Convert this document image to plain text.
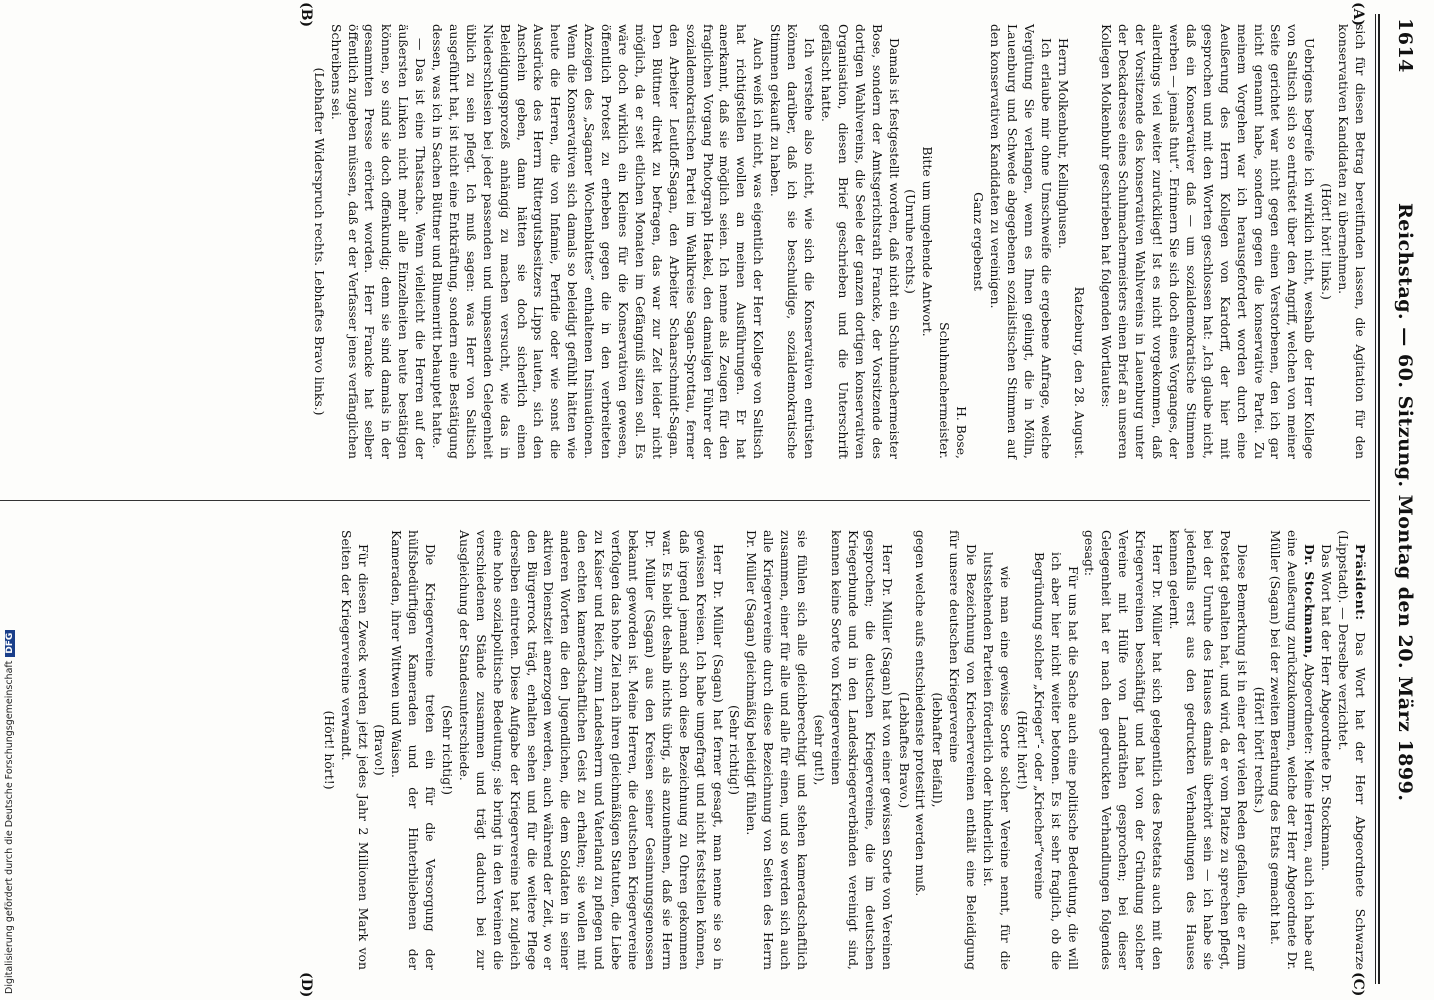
1614
Reichstag. — 60. Sitzung. Montag den 20. März 1899.
(A)
(B)
(C)
(D)

sich für diesen Betrag bereitfinden lassen, die Agitation für den konservativen Kandidaten zu übernehmen.

(Hört! hört! links.)

Uebrigens begreife ich wirklich nicht, weshalb der Herr Kollege von Saltisch sich so entrüstet über den Angriff, welchen von meiner Seite gerichtet war nicht gegen einen Verstorbenen, den ich gar nicht genannt habe, sondern gegen die konservative Partei. Zu meinem Vorgehen war ich herausgefordert worden durch eine Aeußerung des Herrn Kollegen von Kardorff, der hier mit gesprochen und mit den Worten geschlossen hat: „Ich glaube nicht, daß ein Konservativer daß — um sozialdemokratische Stimmen werben — jemals thut“. Erinnern Sie sich doch eines Vorganges, der allerdings viel weiter zurückliegt! Ist es nicht vorgekommen, daß der Vorsitzende des konservativen Wahlvereins in Lauenburg unter der Deckadresse eines Schuhmachermeisters einen Brief an unseren Kollegen Molkenbuhr geschrieben hat folgenden Wortlautes:

Ratzeburg, den 28. August.

Herrn Molkenbuhr, Kellinghusen.

Ich erlaube mir ohne Umschweife die ergebene Anfrage, welche Vergütung Sie verlangen, wenn es Ihnen gelingt, die in Mölln, Lauenburg und Schwede abgegebenen sozialistischen Stimmen auf den konservativen Kandidaten zu vereinigen.

Ganz ergebenst

H. Bose,

Schuhmachermeister.

Bitte um umgehende Antwort.

(Unruhe rechts.)

Damals ist festgestellt worden, daß nicht ein Schuhmachermeister Bose, sondern der Amtsgerichtsrath Francke, der Vorsitzende des dortigen Wahlvereins, die Seele der ganzen dortigen konservativen Organisation, diesen Brief geschrieben und die Unterschrift gefälscht hatte.

Ich verstehe also nicht, wie sich die Konservativen entrüsten können darüber, daß ich sie beschuldige, sozialdemokratische Stimmen gekauft zu haben.

Auch weiß ich nicht, was eigentlich der Herr Kollege von Saltisch hat richtigstellen wollen an meinen Ausführungen. Er hat anerkannt, daß sie möglich seien. Ich nenne als Zeugen für den fraglichen Vorgang Photograph Haekel, den damaligen Führer der sozialdemokratischen Partei im Wahlkreise Sagan-Sprottau, ferner den Arbeiter Leutloff-Sagan, den Arbeiter Schaarschmidt-Sagan. Den Büttner direkt zu befragen, das war zur Zeit leider nicht möglich, da er seit etlichen Monaten im Gefängniß sitzen soll. Es wäre doch wirklich ein Kleines für die Konservativen gewesen, öffentlich Protest zu erheben gegen die in den verbreiteten Anzeigen des „Saganer Wochenblattes“ enthaltenen Insinuationen. Wenn die Konservativen sich damals so beleidigt gefühlt hätten wie heute die Herren, die von Infamie, Perfidie oder wie sonst die Ausdrücke des Herrn Rittergutsbesitzers Lipps lauten, sich den Anschein geben, dann hätten sie doch sicherlich einen Beleidigungsprozeß anhängig zu machen versucht, wie das in Niederschlesien bei jeder passenden und unpassenden Gelegenheit üblich zu sein pflegt. Ich muß sagen: was Herr von Saltisch ausgeführt hat, ist nicht eine Entkräftung, sondern eine Bestätigung dessen, was ich in Sachen Büttner und Blumenritt behauptet hatte.

— Das ist eine Thatsache. Wenn vielleicht die Herren auf der äußersten Linken nicht mehr alle Einzelheiten heute bestätigen können, so sind sie doch offenkundig; denn sie sind damals in der gesammten Presse erörtert worden. Herr Francke hat selber öffentlich zugeben müssen, daß er der Verfasser jenes verfänglichen Schreibens sei.

(Lebhafter Widerspruch rechts. Lebhaftes Bravo links.)

Präsident: Das Wort hat der Herr Abgeordnete Schwarze (Lippstadt). — Derselbe verzichtet.

Das Wort hat der Herr Abgeordnete Dr. Stockmann.

Dr. Stockmann, Abgeordneter: Meine Herren, auch ich habe auf eine Aeußerung zurückzukommen, welche der Herr Abgeordnete Dr. Müller (Sagan) bei der zweiten Berathung des Etats gemacht hat.

(Hört! hört! rechts.)

Diese Bemerkung ist in einer der vielen Reden gefallen, die er zum Postetat gehalten hat, und wird, da er vom Platze zu sprechen pflegt, bei der Unruhe des Hauses damals überhört sein — ich habe sie jedenfalls erst aus den gedruckten Verhandlungen des Hauses kennen gelernt.

Herr Dr. Müller hat sich gelegentlich des Postetats auch mit den Kriegervereinen beschäftigt und hat von der Gründung solcher Vereine mit Hülfe von Landräthen gesprochen; bei dieser Gelegenheit hat er nach den gedruckten Verhandlungen folgendes gesagt:

Für uns hat die Sache auch eine politische Bedeutung, die will ich aber hier nicht weiter betonen. Es ist sehr fraglich, ob die Begründung solcher „Krieger“- oder „Kriecher“vereine

(Hört! hört!)

wie man eine gewisse Sorte solcher Vereine nennt, für die lutsstehenden Parteien förderlich oder hinderlich ist.

Die Bezeichnung von Kriechervereinen enthält eine Beleidigung für unsere deutschen Kriegervereine

(lebhafter Beifall),

gegen welche aufs entschiedenste protestirt werden muß.

(Lebhaftes Bravo.)

Herr Dr. Müller (Sagan) hat von einer gewissen Sorte von Vereinen gesprochen; die deutschen Kriegervereine, die im deutschen Kriegerbunde und in den Landeskriegerverbänden vereinigt sind, kennen keine Sorte von Kriegervereinen

(sehr gut!),

sie fühlen sich alle gleichberechtigt und stehen kameradschaftlich zusammen, einer für alle und alle für einen, und so werden sich auch alle Kriegervereine durch diese Bezeichnung von Seiten des Herrn Dr. Müller (Sagan) gleichmäßig beleidigt fühlen.

(Sehr richtig!)

Herr Dr. Müller (Sagan) hat ferner gesagt, man nenne sie so in gewissen Kreisen. Ich habe umgefragt und nicht feststellen können, daß irgend jemand schon diese Bezeichnung zu Ohren gekommen war. Es bleibt deshalb nichts übrig, als anzunehmen, daß sie Herrn Dr. Müller (Sagan) aus den Kreisen seiner Gesinnungsgenossen bekannt geworden ist. Meine Herren, die deutschen Kriegervereine verfolgen das hohe Ziel nach ihren gleichmäßigen Statuten, die Liebe zu Kaiser und Reich, zum Landesherrn und Vaterland zu pflegen und den echten kameradschaftlichen Geist zu erhalten; sie wollen mit anderen Worten die den Jugendlichen, die dem Soldaten in seiner aktiven Dienstzeit anerzogen werden, auch während der Zeit, wo er den Bürgerrock trägt, erhalten sehen und für die weitere Pflege derselben eintreten. Diese Aufgabe der Kriegervereine hat zugleich eine hohe sozialpolitische Bedeutung; sie bringt in den Vereinen die verschiedenen Stände zusammen und trägt dadurch bei zur Ausgleichung der Standesunterschiede.

(Sehr richtig!)

Die Kriegervereine treten ein für die Versorgung der hülfsbedürftigen Kameraden und der Hinterbliebenen der Kameraden, ihrer Wittwen und Waisen.

(Bravo!)

Für diesen Zweck werden jetzt jedes Jahr 2 Millionen Mark von Seiten der Kriegervereine verwandt.

(Hört! hört!)

Digitalisierung gefördert durch die Deutsche ForschungsgemeinschaftDFG
